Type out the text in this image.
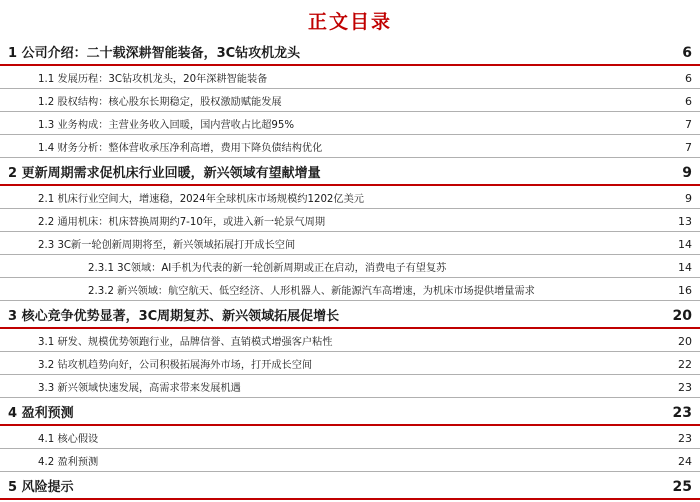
正文目录
1 公司介绍：二十载深耕智能装备，3C钻攻机龙头	6
1.1 发展历程：3C钻攻机龙头，20年深耕智能装备	6
1.2 股权结构：核心股东长期稳定，股权激励赋能发展	6
1.3 业务构成：主营业务收入回暖，国内营收占比超95%	7
1.4 财务分析：整体营收承压净利高增，费用下降负债结构优化	7
2 更新周期需求促机床行业回暖，新兴领域有望献增量	9
2.1 机床行业空间大，增速稳，2024年全球机床市场规模约1202亿美元	9
2.2 通用机床：机床替换周期约7-10年，或进入新一轮景气周期	13
2.3 3C新一轮创新周期将至，新兴领域拓展打开成长空间	14
2.3.1 3C领域：AI手机为代表的新一轮创新周期或正在启动，消费电子有望复苏	14
2.3.2 新兴领域：航空航天、低空经济、人形机器人、新能源汽车高增速，为机床市场提供增量需求	16
3 核心竞争优势显著，3C周期复苏、新兴领域拓展促增长	20
3.1 研发、规模优势领跑行业，品牌信誉、直销模式增强客户粘性	20
3.2 钻攻机趋势向好，公司积极拓展海外市场，打开成长空间	22
3.3 新兴领域快速发展，高需求带来发展机遇	23
4 盈利预测	23
4.1 核心假设	23
4.2 盈利预测	24
5 风险提示	25
